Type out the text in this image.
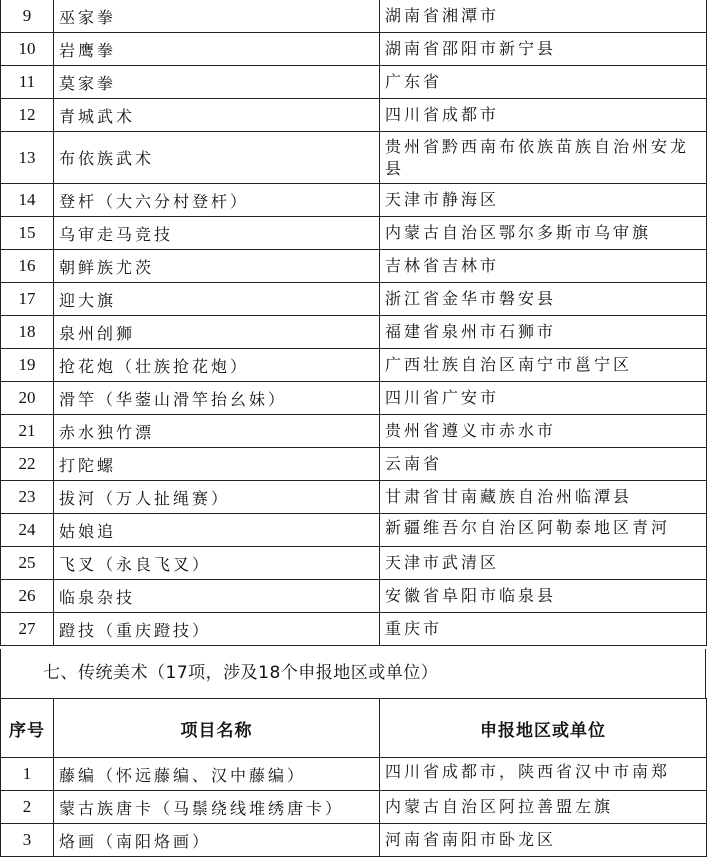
9	巫家拳	湖南省湘潭市
10	岩鹰拳	湖南省邵阳市新宁县
11	莫家拳	广东省
12	青城武术	四川省成都市
13	布依族武术	贵州省黔西南布依族苗族自治州安龙县
14	登杆（大六分村登杆）	天津市静海区
15	乌审走马竞技	内蒙古自治区鄂尔多斯市乌审旗
16	朝鲜族尤茨	吉林省吉林市
17	迎大旗	浙江省金华市磐安县
18	泉州刣狮	福建省泉州市石狮市
19	抢花炮（壮族抢花炮）	广西壮族自治区南宁市邕宁区
20	滑竿（华蓥山滑竿抬幺妹）	四川省广安市
21	赤水独竹漂	贵州省遵义市赤水市
22	打陀螺	云南省
23	拔河（万人扯绳赛）	甘肃省甘南藏族自治州临潭县
24	姑娘追	新疆维吾尔自治区阿勒泰地区青河

25	飞叉（永良飞叉）	天津市武清区
26	临泉杂技	安徽省阜阳市临泉县
27	蹬技（重庆蹬技）	重庆市
七、传统美术（17项，涉及18个申报地区或单位）
序号	项目名称	申报地区或单位
1	藤编（怀远藤编、汉中藤编）	四川省成都市，陕西省汉中市南郑

2	蒙古族唐卡（马鬃绕线堆绣唐卡）	内蒙古自治区阿拉善盟左旗
3	烙画（南阳烙画）	河南省南阳市卧龙区
